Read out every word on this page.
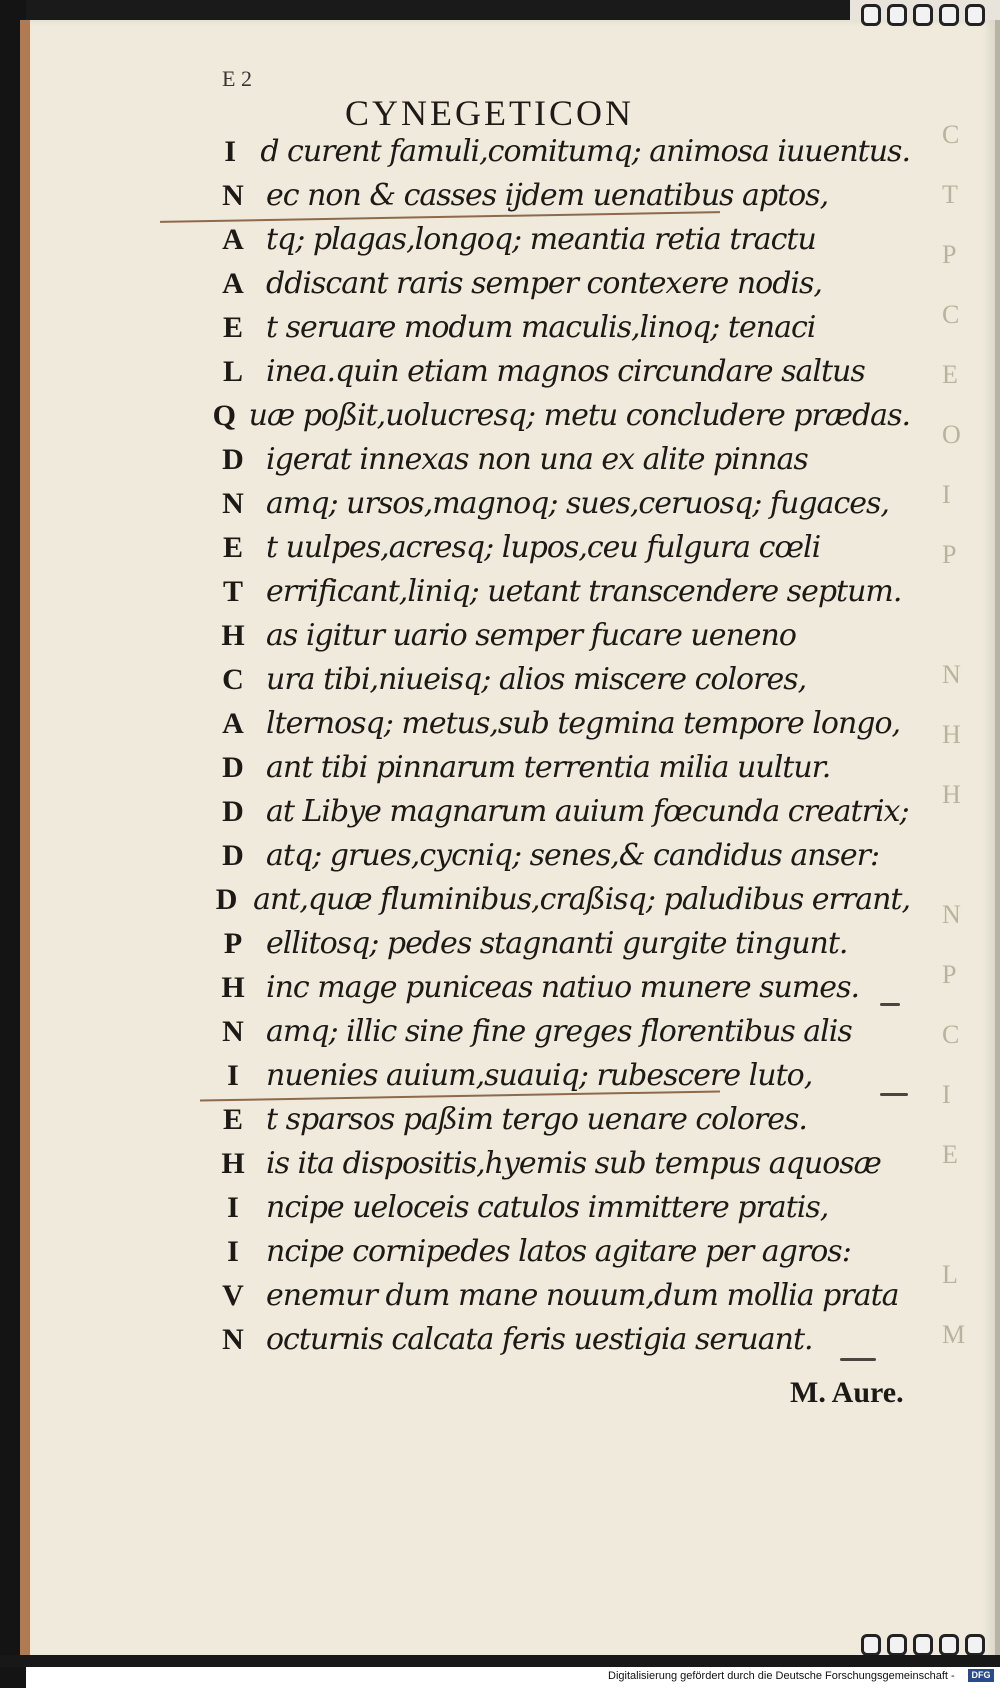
C
T
P
C
E
O
I
P
N
H
H
N
P
C
I
E
L
M
E 2
CYNEGETICON
I d curent famuli,comitumq; animosa iuuentus.
N ec non & casses ijdem uenatibus aptos,
A tq; plagas,longoq; meantia retia tractu
A ddiscant raris semper contexere nodis,
E t seruare modum maculis,linoq; tenaci
L inea.quin etiam magnos circundare saltus
Q uæ poßit,uolucresq; metu concludere prædas.
D igerat innexas non una ex alite pinnas
N amq; ursos,magnoq; sues,ceruosq; fugaces,
E t uulpes,acresq; lupos,ceu fulgura cœli
T errificant,liniq; uetant transcendere septum.
H as igitur uario semper fucare ueneno
C ura tibi,niueisq; alios miscere colores,
A lternosq; metus,sub tegmina tempore longo,
D ant tibi pinnarum terrentia milia uultur.
D at Libye magnarum auium fœcunda creatrix;
D atq; grues,cycniq; senes,& candidus anser:
D ant,quæ fluminibus,craßisq; paludibus errant,
P ellitosq; pedes stagnanti gurgite tingunt.
H inc mage puniceas natiuo munere sumes.
N amq; illic sine fine greges florentibus alis
I nuenies auium,suauiq; rubescere luto,
E t sparsos paßim tergo uenare colores.
H is ita dispositis,hyemis sub tempus aquosæ
I ncipe uelocеis catulos immittere pratis,
I ncipe cornipedes latos agitare per agros:
V enemur dum mane nouum,dum mollia prata
N octurnis calcata feris uestigia seruant.
M. Aure.
Digitalisierung gefördert durch die Deutsche Forschungsgemeinschaft -	DFG
